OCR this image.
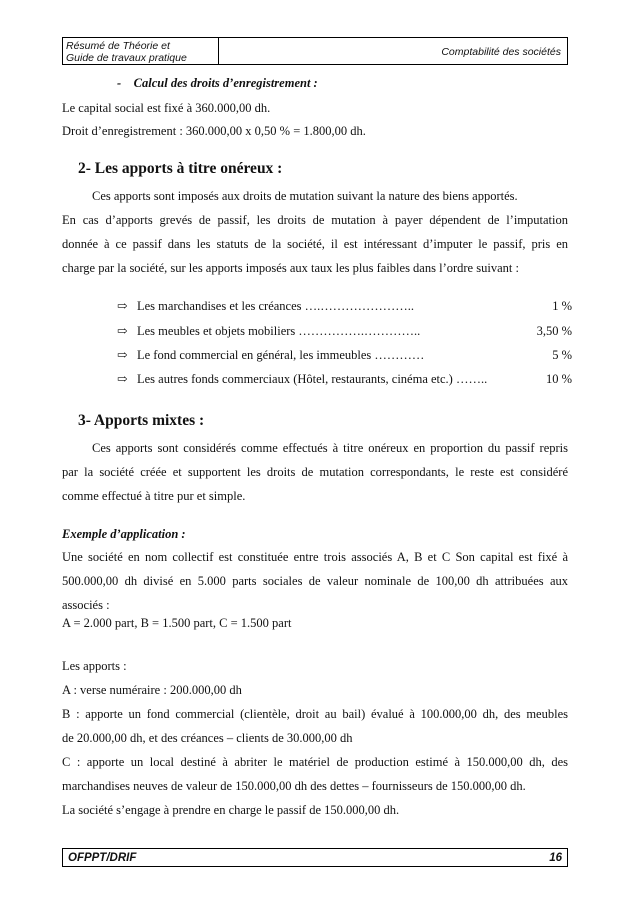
Résumé de Théorie et
Guide de travaux pratique	Comptabilité des sociétés
- Calcul des droits d’enregistrement :
Le capital social est fixé à 360.000,00 dh.
Droit d’enregistrement : 360.000,00 x 0,50 % = 1.800,00 dh.
2- Les apports à titre onéreux :
Ces apports sont imposés aux droits de mutation suivant la nature des biens apportés.
En cas d’apports grevés de passif, les droits de mutation à payer dépendent de l’imputation
donnée à ce passif dans les statuts de la société, il est intéressant d’imputer le passif, pris en
charge par la société, sur les apports imposés aux taux les plus faibles dans l’ordre suivant :
⇨ Les marchandises et les créances ….…………………..	1 %
⇨ Les meubles et objets mobiliers …………….…………..	3,50 %
⇨ Le fond commercial en général, les immeubles …………	5 %
⇨ Les autres fonds commerciaux (Hôtel, restaurants, cinéma etc.) ……..	10 %
3- Apports mixtes :
Ces apports sont considérés comme effectués à titre onéreux en proportion du passif repris
par la société créée et supportent les droits de mutation correspondants, le reste est considéré
comme effectué à titre pur et simple.
Exemple d’application :
Une société en nom collectif est constituée entre trois associés A, B et C Son capital est fixé à
500.000,00 dh divisé en 5.000 parts sociales de valeur nominale de 100,00 dh attribuées aux
associés :
A = 2.000 part, B = 1.500 part, C = 1.500 part
Les apports :
A : verse numéraire : 200.000,00 dh
B : apporte un fond commercial (clientèle, droit au bail) évalué à 100.000,00 dh, des meubles
de 20.000,00 dh, et des créances – clients de 30.000,00 dh
C : apporte un local destiné à abriter le matériel de production estimé à 150.000,00 dh, des
marchandises neuves de valeur de 150.000,00 dh des dettes – fournisseurs de 150.000,00 dh.
La société s’engage à prendre en charge le passif de 150.000,00 dh.
OFPPT/DRIF	16
